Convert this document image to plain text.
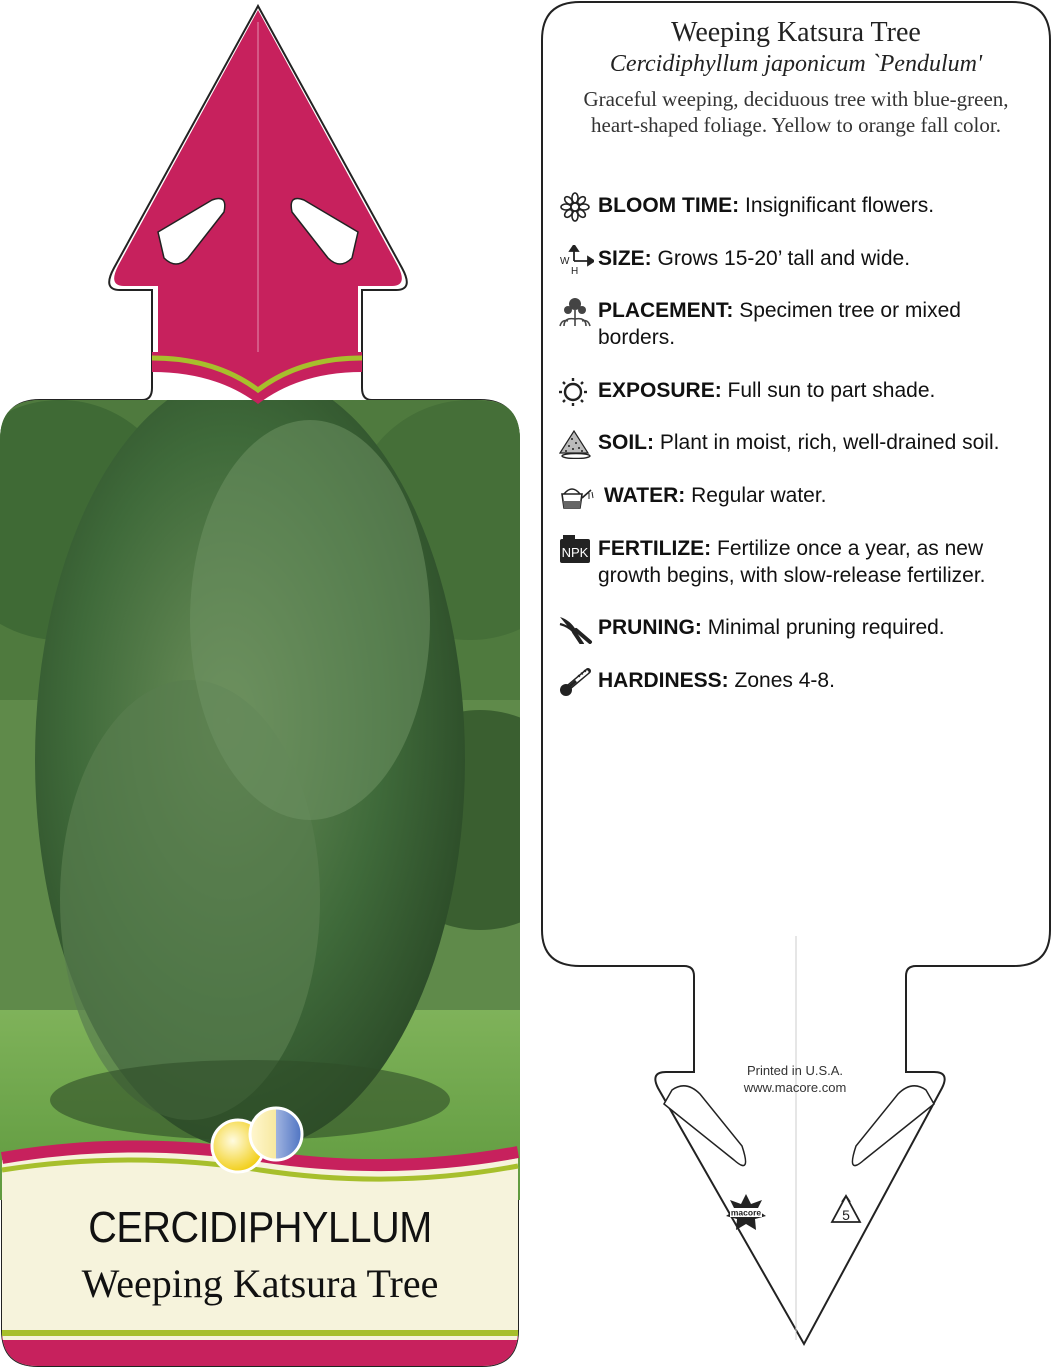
CERCIDIPHYLLUM
Weeping Katsura Tree
macore	5
Weeping Katsura Tree
Cercidiphyllum japonicum `Pendulum'
Graceful weeping, deciduous tree with blue-green, heart-shaped foliage. Yellow to orange fall color.
BLOOM TIME: Insignificant flowers.
W
H
SIZE: Grows 15-20’ tall and wide.
PLACEMENT: Specimen tree or mixed
borders.
EXPOSURE: Full sun to part shade.
SOIL: Plant in moist, rich, well-drained soil.
WATER: Regular water.
NPK FERTILIZE: Fertilize once a year, as new
growth begins, with slow-release fertilizer.
PRUNING: Minimal pruning required.
HARDINESS: Zones 4-8.
Printed in U.S.A.
www.macore.com
